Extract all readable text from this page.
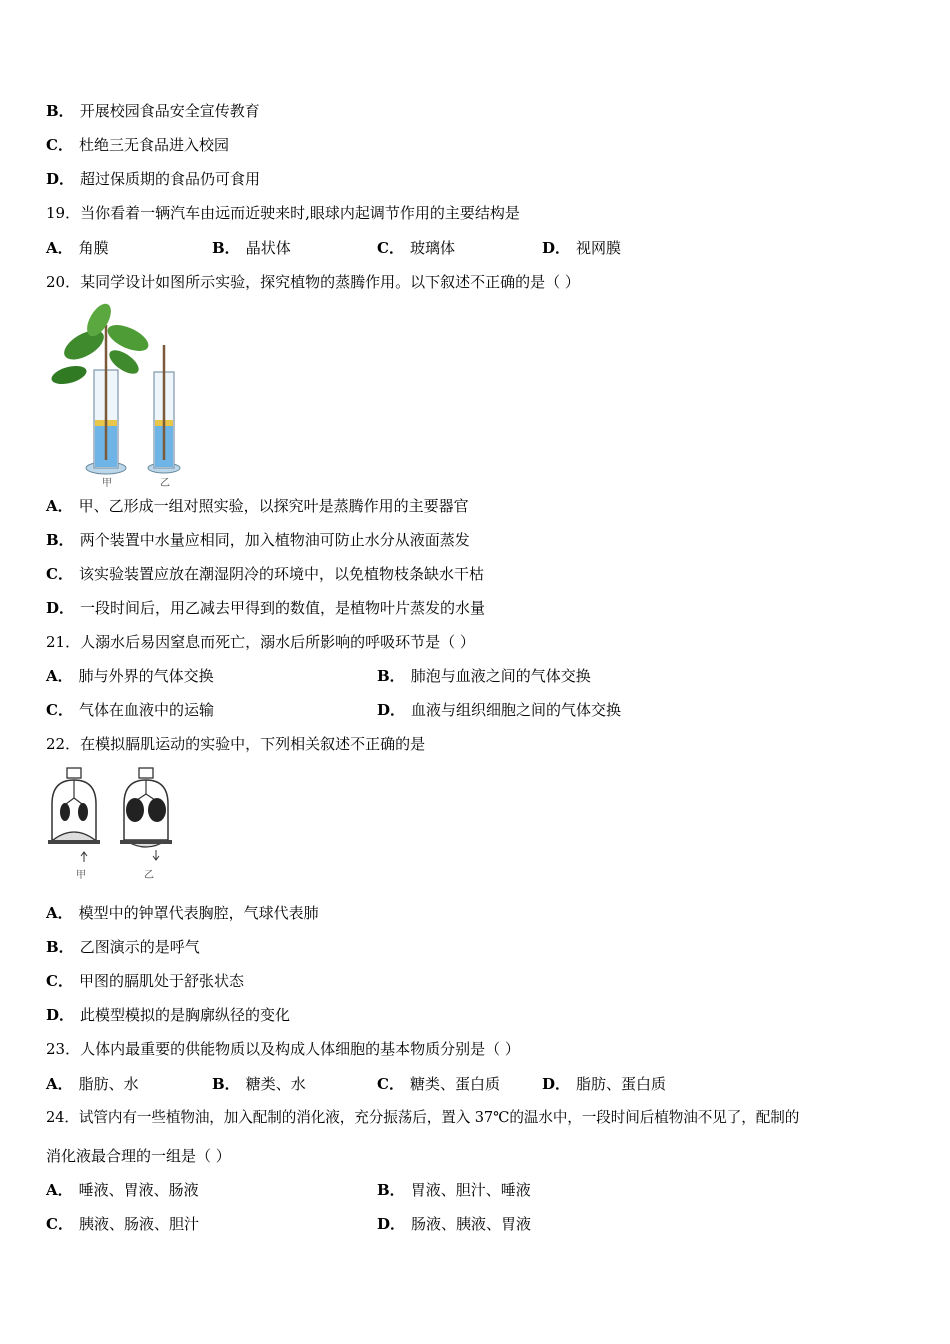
B． 开展校园食品安全宣传教育
C． 杜绝三无食品进入校园
D． 超过保质期的食品仍可食用
19．当你看着一辆汽车由远而近驶来时,眼球内起调节作用的主要结构是
A． 角膜	B． 晶状体	C． 玻璃体	D． 视网膜
20．某同学设计如图所示实验，探究植物的蒸腾作用。以下叙述不正确的是（ ）
甲	乙
A． 甲、乙形成一组对照实验，以探究叶是蒸腾作用的主要器官
B． 两个装置中水量应相同，加入植物油可防止水分从液面蒸发
C． 该实验装置应放在潮湿阴冷的环境中，以免植物枝条缺水干枯
D． 一段时间后，用乙减去甲得到的数值，是植物叶片蒸发的水量
21．人溺水后易因窒息而死亡，溺水后所影响的呼吸环节是（ ）
A． 肺与外界的气体交换	B． 肺泡与血液之间的气体交换
C． 气体在血液中的运输	D． 血液与组织细胞之间的气体交换
22．在模拟膈肌运动的实验中，下列相关叙述不正确的是
甲	乙
A． 模型中的钟罩代表胸腔，气球代表肺
B． 乙图演示的是呼气
C． 甲图的膈肌处于舒张状态
D． 此模型模拟的是胸廓纵径的变化
23．人体内最重要的供能物质以及构成人体细胞的基本物质分别是（ ）
A． 脂肪、水	B． 糖类、水	C． 糖类、蛋白质	D． 脂肪、蛋白质
24．试管内有一些植物油，加入配制的消化液，充分振荡后，置入 37℃的温水中，一段时间后植物油不见了，配制的
消化液最合理的一组是（ ）
A． 唾液、胃液、肠液	B． 胃液、胆汁、唾液
C． 胰液、肠液、胆汁	D． 肠液、胰液、胃液
